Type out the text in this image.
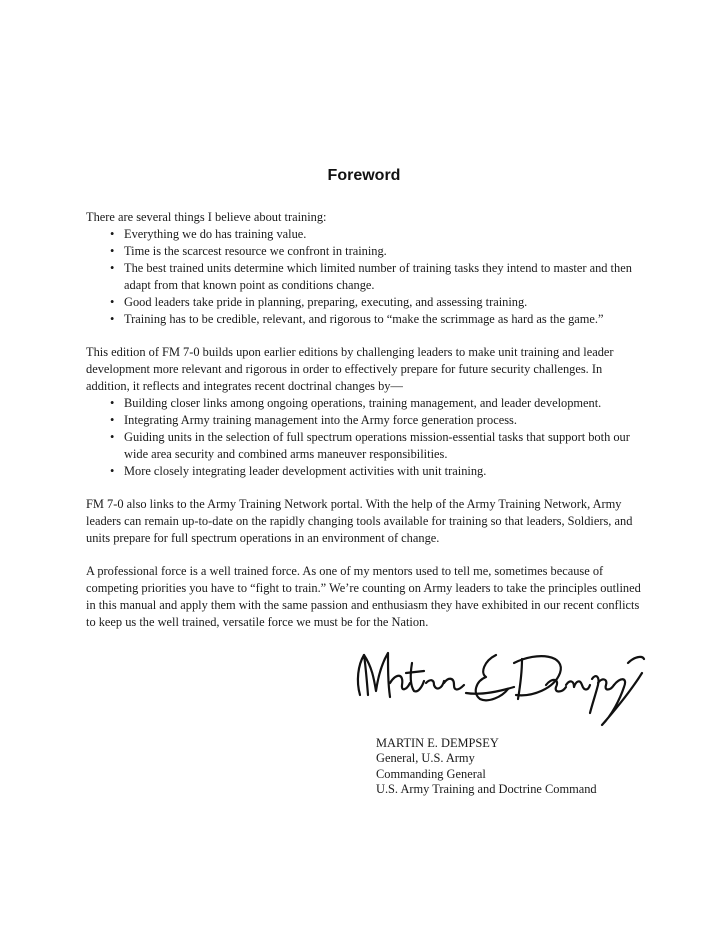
Foreword

There are several things I believe about training:

• Everything we do has training value.
• Time is the scarcest resource we confront in training.
• The best trained units determine which limited number of training tasks they intend to master and then adapt from that known point as conditions change.
• Good leaders take pride in planning, preparing, executing, and assessing training.
• Training has to be credible, relevant, and rigorous to “make the scrimmage as hard as the game.”

This edition of FM 7-0 builds upon earlier editions by challenging leaders to make unit training and leader development more relevant and rigorous in order to effectively prepare for future security challenges. In addition, it reflects and integrates recent doctrinal changes by—

• Building closer links among ongoing operations, training management, and leader development.
• Integrating Army training management into the Army force generation process.
• Guiding units in the selection of full spectrum operations mission-essential tasks that support both our wide area security and combined arms maneuver responsibilities.
• More closely integrating leader development activities with unit training.

FM 7-0 also links to the Army Training Network portal. With the help of the Army Training Network, Army leaders can remain up-to-date on the rapidly changing tools available for training so that leaders, Soldiers, and units prepare for full spectrum operations in an environment of change.

A professional force is a well trained force. As one of my mentors used to tell me, sometimes because of competing priorities you have to “fight to train.” We’re counting on Army leaders to take the principles outlined in this manual and apply them with the same passion and enthusiasm they have exhibited in our recent conflicts to keep us the well trained, versatile force we must be for the Nation.

MARTIN E. DEMPSEY
General, U.S. Army
Commanding General
U.S. Army Training and Doctrine Command
